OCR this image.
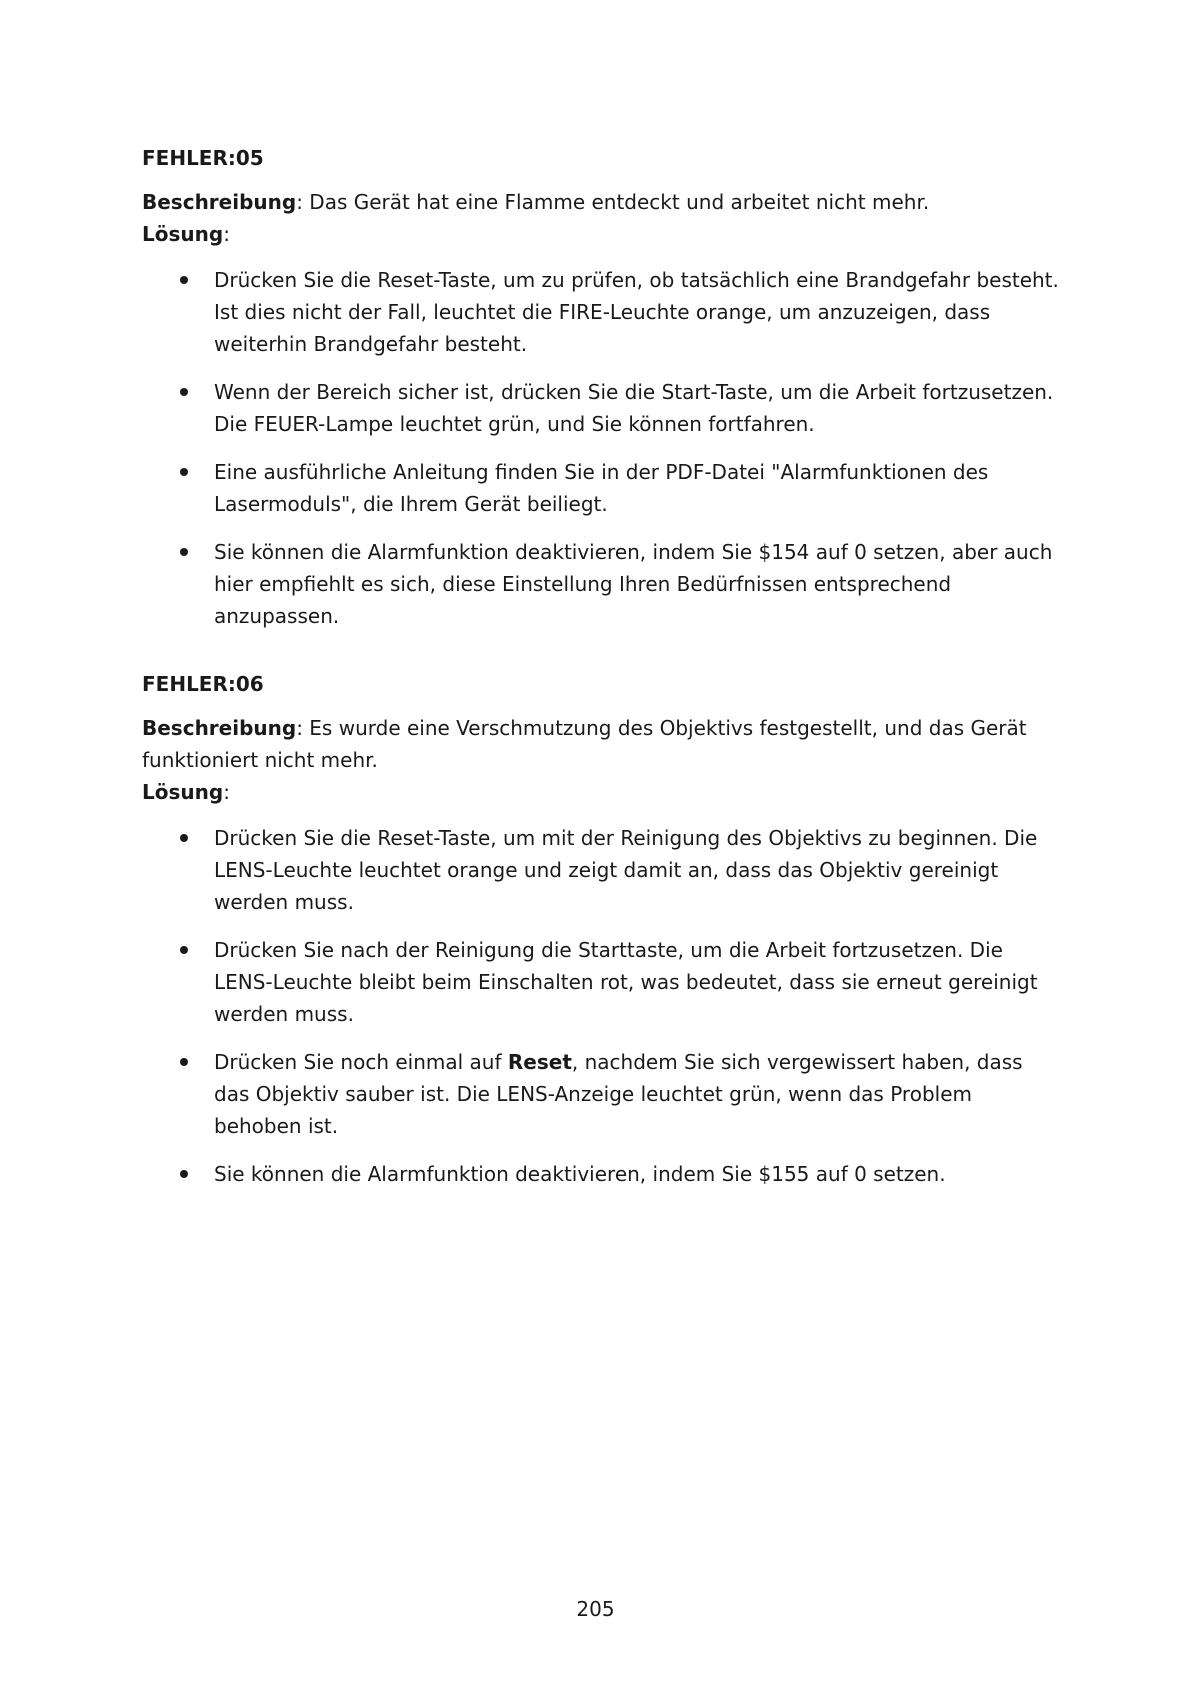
FEHLER:05

Beschreibung: Das Gerät hat eine Flamme entdeckt und arbeitet nicht mehr.

Lösung:

Drücken Sie die Reset-Taste, um zu prüfen, ob tatsächlich eine Brandgefahr besteht. Ist dies nicht der Fall, leuchtet die FIRE-Leuchte orange, um anzuzeigen, dass weiterhin Brandgefahr besteht.
Wenn der Bereich sicher ist, drücken Sie die Start-Taste, um die Arbeit fortzusetzen. Die FEUER-Lampe leuchtet grün, und Sie können fortfahren.
Eine ausführliche Anleitung finden Sie in der PDF-Datei "Alarmfunktionen des Lasermoduls", die Ihrem Gerät beiliegt.
Sie können die Alarmfunktion deaktivieren, indem Sie $154 auf 0 setzen, aber auch hier empfiehlt es sich, diese Einstellung Ihren Bedürfnissen entsprechend anzupassen.
FEHLER:06

Beschreibung: Es wurde eine Verschmutzung des Objektivs festgestellt, und das Gerät funktioniert nicht mehr.

Lösung:

Drücken Sie die Reset-Taste, um mit der Reinigung des Objektivs zu beginnen. Die LENS-Leuchte leuchtet orange und zeigt damit an, dass das Objektiv gereinigt werden muss.
Drücken Sie nach der Reinigung die Starttaste, um die Arbeit fortzusetzen. Die LENS-Leuchte bleibt beim Einschalten rot, was bedeutet, dass sie erneut gereinigt werden muss.
Drücken Sie noch einmal auf Reset, nachdem Sie sich vergewissert haben, dass das Objektiv sauber ist. Die LENS-Anzeige leuchtet grün, wenn das Problem behoben ist.
Sie können die Alarmfunktion deaktivieren, indem Sie $155 auf 0 setzen.
205
